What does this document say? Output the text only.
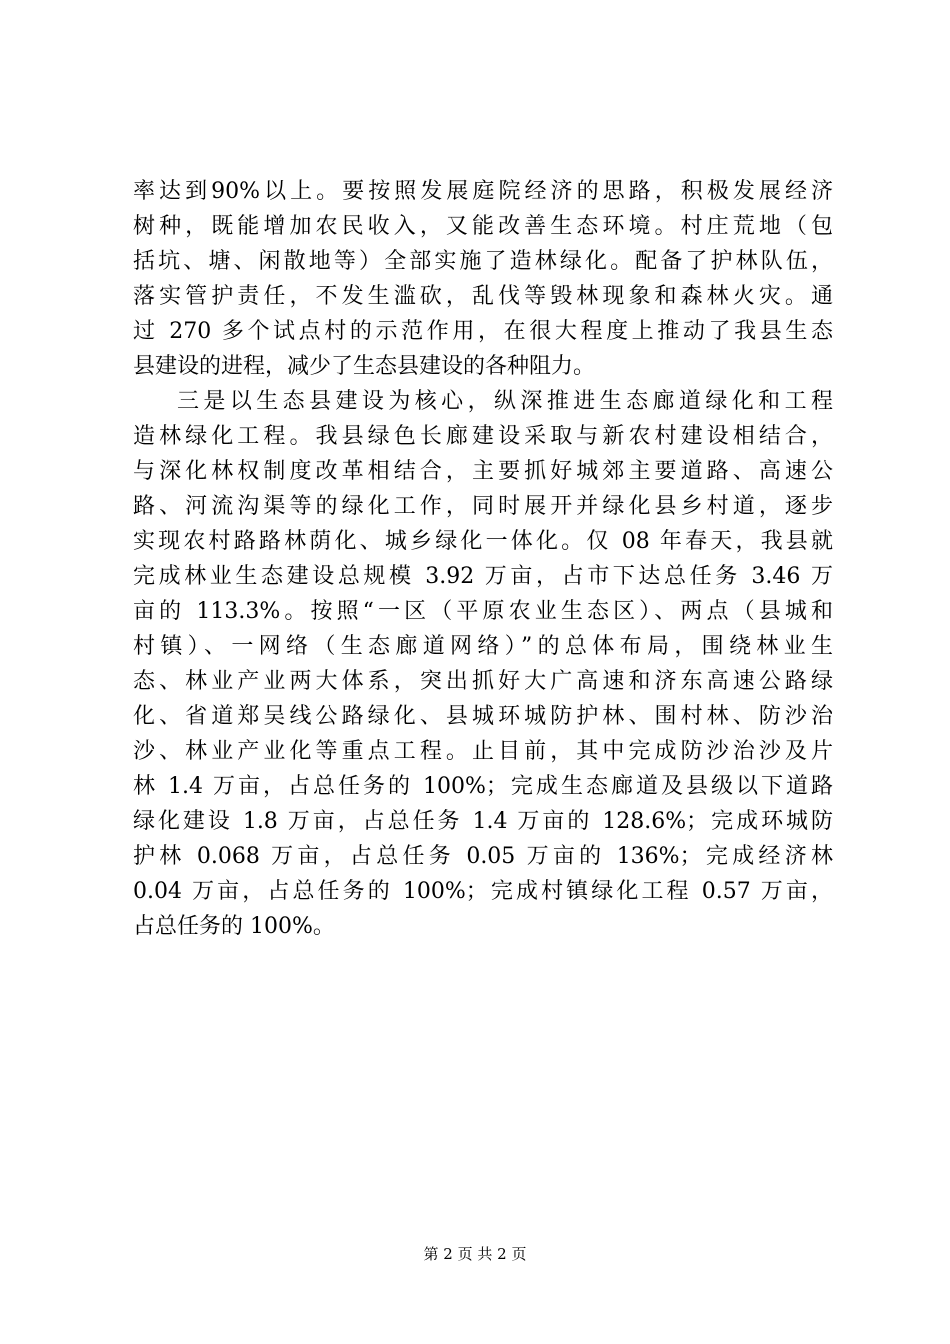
率达到90%以上。要按照发展庭院经济的思路，积极发展经济
树种，既能增加农民收入，又能改善生态环境。村庄荒地（包
括坑、塘、闲散地等）全部实施了造林绿化。配备了护林队伍，
落实管护责任，不发生滥砍，乱伐等毁林现象和森林火灾。通
过 270 多个试点村的示范作用，在很大程度上推动了我县生态
县建设的进程，减少了生态县建设的各种阻力。
三是以生态县建设为核心，纵深推进生态廊道绿化和工程
造林绿化工程。我县绿色长廊建设采取与新农村建设相结合，
与深化林权制度改革相结合，主要抓好城郊主要道路、高速公
路、河流沟渠等的绿化工作，同时展开并绿化县乡村道，逐步
实现农村路路林荫化、城乡绿化一体化。仅 08 年春天，我县就
完成林业生态建设总规模 3.92 万亩，占市下达总任务 3.46 万
亩的 113.3%。按照“一区（平原农业生态区）、两点（县城和
村镇）、一网络（生态廊道网络）”的总体布局，围绕林业生
态、林业产业两大体系，突出抓好大广高速和济东高速公路绿
化、省道郑吴线公路绿化、县城环城防护林、围村林、防沙治
沙、林业产业化等重点工程。止目前，其中完成防沙治沙及片
林 1.4 万亩，占总任务的 100%；完成生态廊道及县级以下道路
绿化建设 1.8 万亩，占总任务 1.4 万亩的 128.6%；完成环城防
护林 0.068 万亩，占总任务 0.05 万亩的 136%；完成经济林
0.04 万亩，占总任务的 100%；完成村镇绿化工程 0.57 万亩，
占总任务的 100%。
第 2 页 共 2 页
